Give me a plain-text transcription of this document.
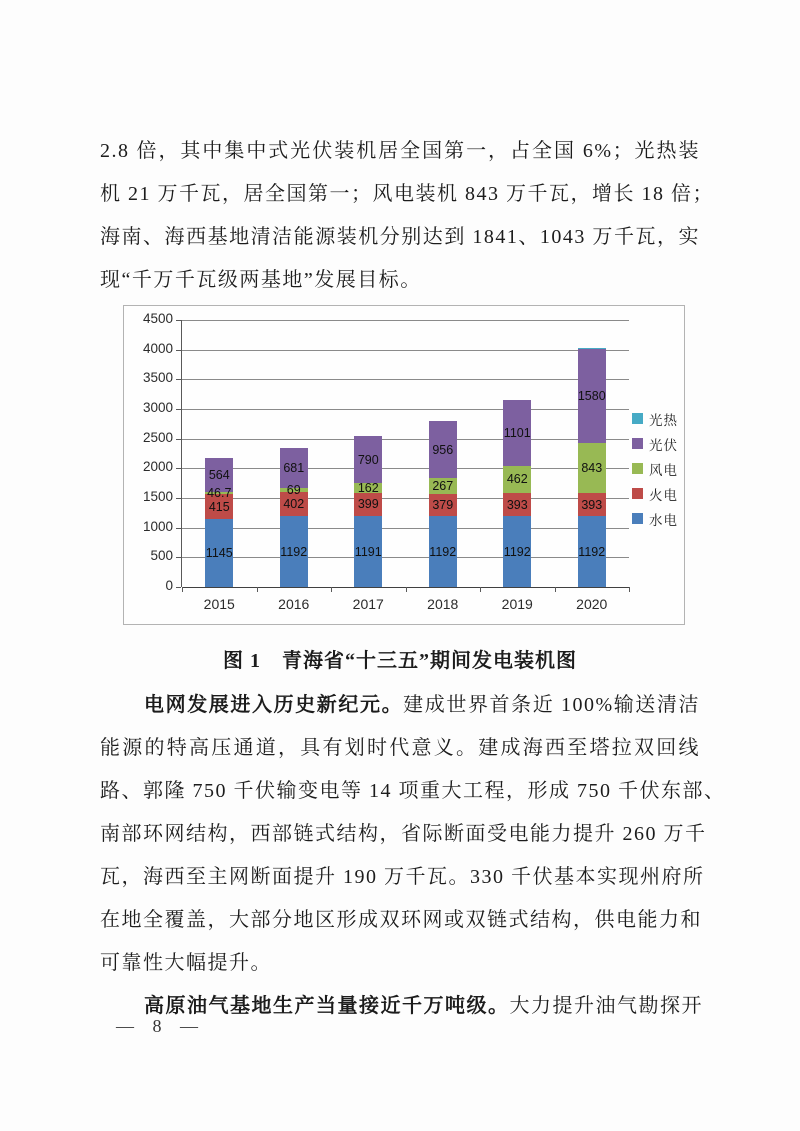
2.8 倍，其中集中式光伏装机居全国第一，占全国 6%；光热装
机 21 万千瓦，居全国第一；风电装机 843 万千瓦，增长 18 倍；
海南、海西基地清洁能源装机分别达到 1841、1043 万千瓦，实
现“千万千瓦级两基地”发展目标。
0
500
1000
1500
2000
2500
3000
3500
4000
4500
2015
1145
415
46.7
564
2016
1192
402
69
681
2017
1191
399
162
790
2018
1192
379
267
956
2019
1192
393
462
1101
2020
1192
393
843
1580
光热
光伏
风电
火电
水电
图 1　青海省“十三五”期间发电装机图
电网发展进入历史新纪元。建成世界首条近 100%输送清洁
能源的特高压通道，具有划时代意义。建成海西至塔拉双回线
路、郭隆 750 千伏输变电等 14 项重大工程，形成 750 千伏东部、
南部环网结构，西部链式结构，省际断面受电能力提升 260 万千
瓦，海西至主网断面提升 190 万千瓦。330 千伏基本实现州府所
在地全覆盖，大部分地区形成双环网或双链式结构，供电能力和
可靠性大幅提升。
高原油气基地生产当量接近千万吨级。大力提升油气勘探开
— 8 —
